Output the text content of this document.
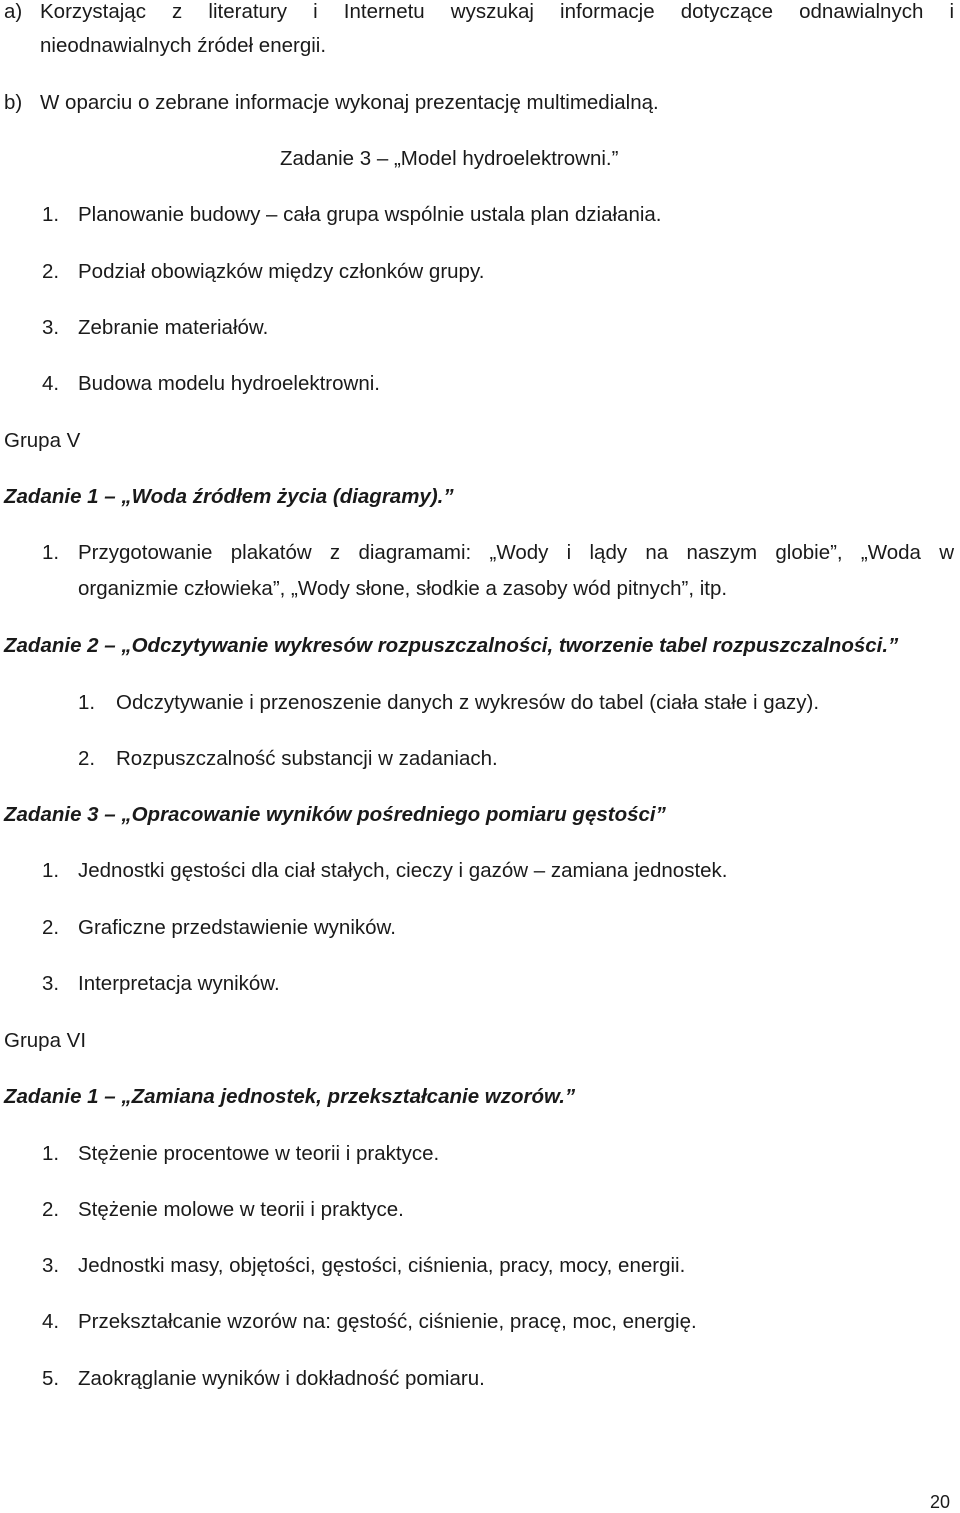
a) Korzystając z literatury i Internetu wyszukaj informacje dotyczące odnawialnych i
nieodnawialnych źródeł energii.
b) W oparciu o zebrane informacje wykonaj prezentację multimedialną.
Zadanie 3 – „Model hydroelektrowni.”
1. Planowanie budowy – cała grupa wspólnie ustala plan działania.
2. Podział obowiązków między członków grupy.
3. Zebranie materiałów.
4. Budowa modelu hydroelektrowni.
Grupa V
Zadanie 1 – „Woda źródłem życia (diagramy).”
1. Przygotowanie plakatów z diagramami: „Wody i lądy na naszym globie”, „Woda w
organizmie człowieka”, „Wody słone, słodkie a zasoby wód pitnych”, itp.
Zadanie 2 – „Odczytywanie wykresów rozpuszczalności, tworzenie tabel rozpuszczalności.”
1. Odczytywanie i przenoszenie danych z wykresów do tabel (ciała stałe i gazy).
2. Rozpuszczalność substancji w zadaniach.
Zadanie 3 – „Opracowanie wyników pośredniego pomiaru gęstości”
1. Jednostki gęstości dla ciał stałych, cieczy i gazów – zamiana jednostek.
2. Graficzne przedstawienie wyników.
3. Interpretacja wyników.
Grupa VI
Zadanie 1 – „Zamiana jednostek, przekształcanie wzorów.”
1. Stężenie procentowe w teorii i praktyce.
2. Stężenie molowe w teorii i praktyce.
3. Jednostki masy, objętości, gęstości, ciśnienia, pracy, mocy, energii.
4. Przekształcanie wzorów na: gęstość, ciśnienie, pracę, moc, energię.
5. Zaokrąglanie wyników i dokładność pomiaru.
20
